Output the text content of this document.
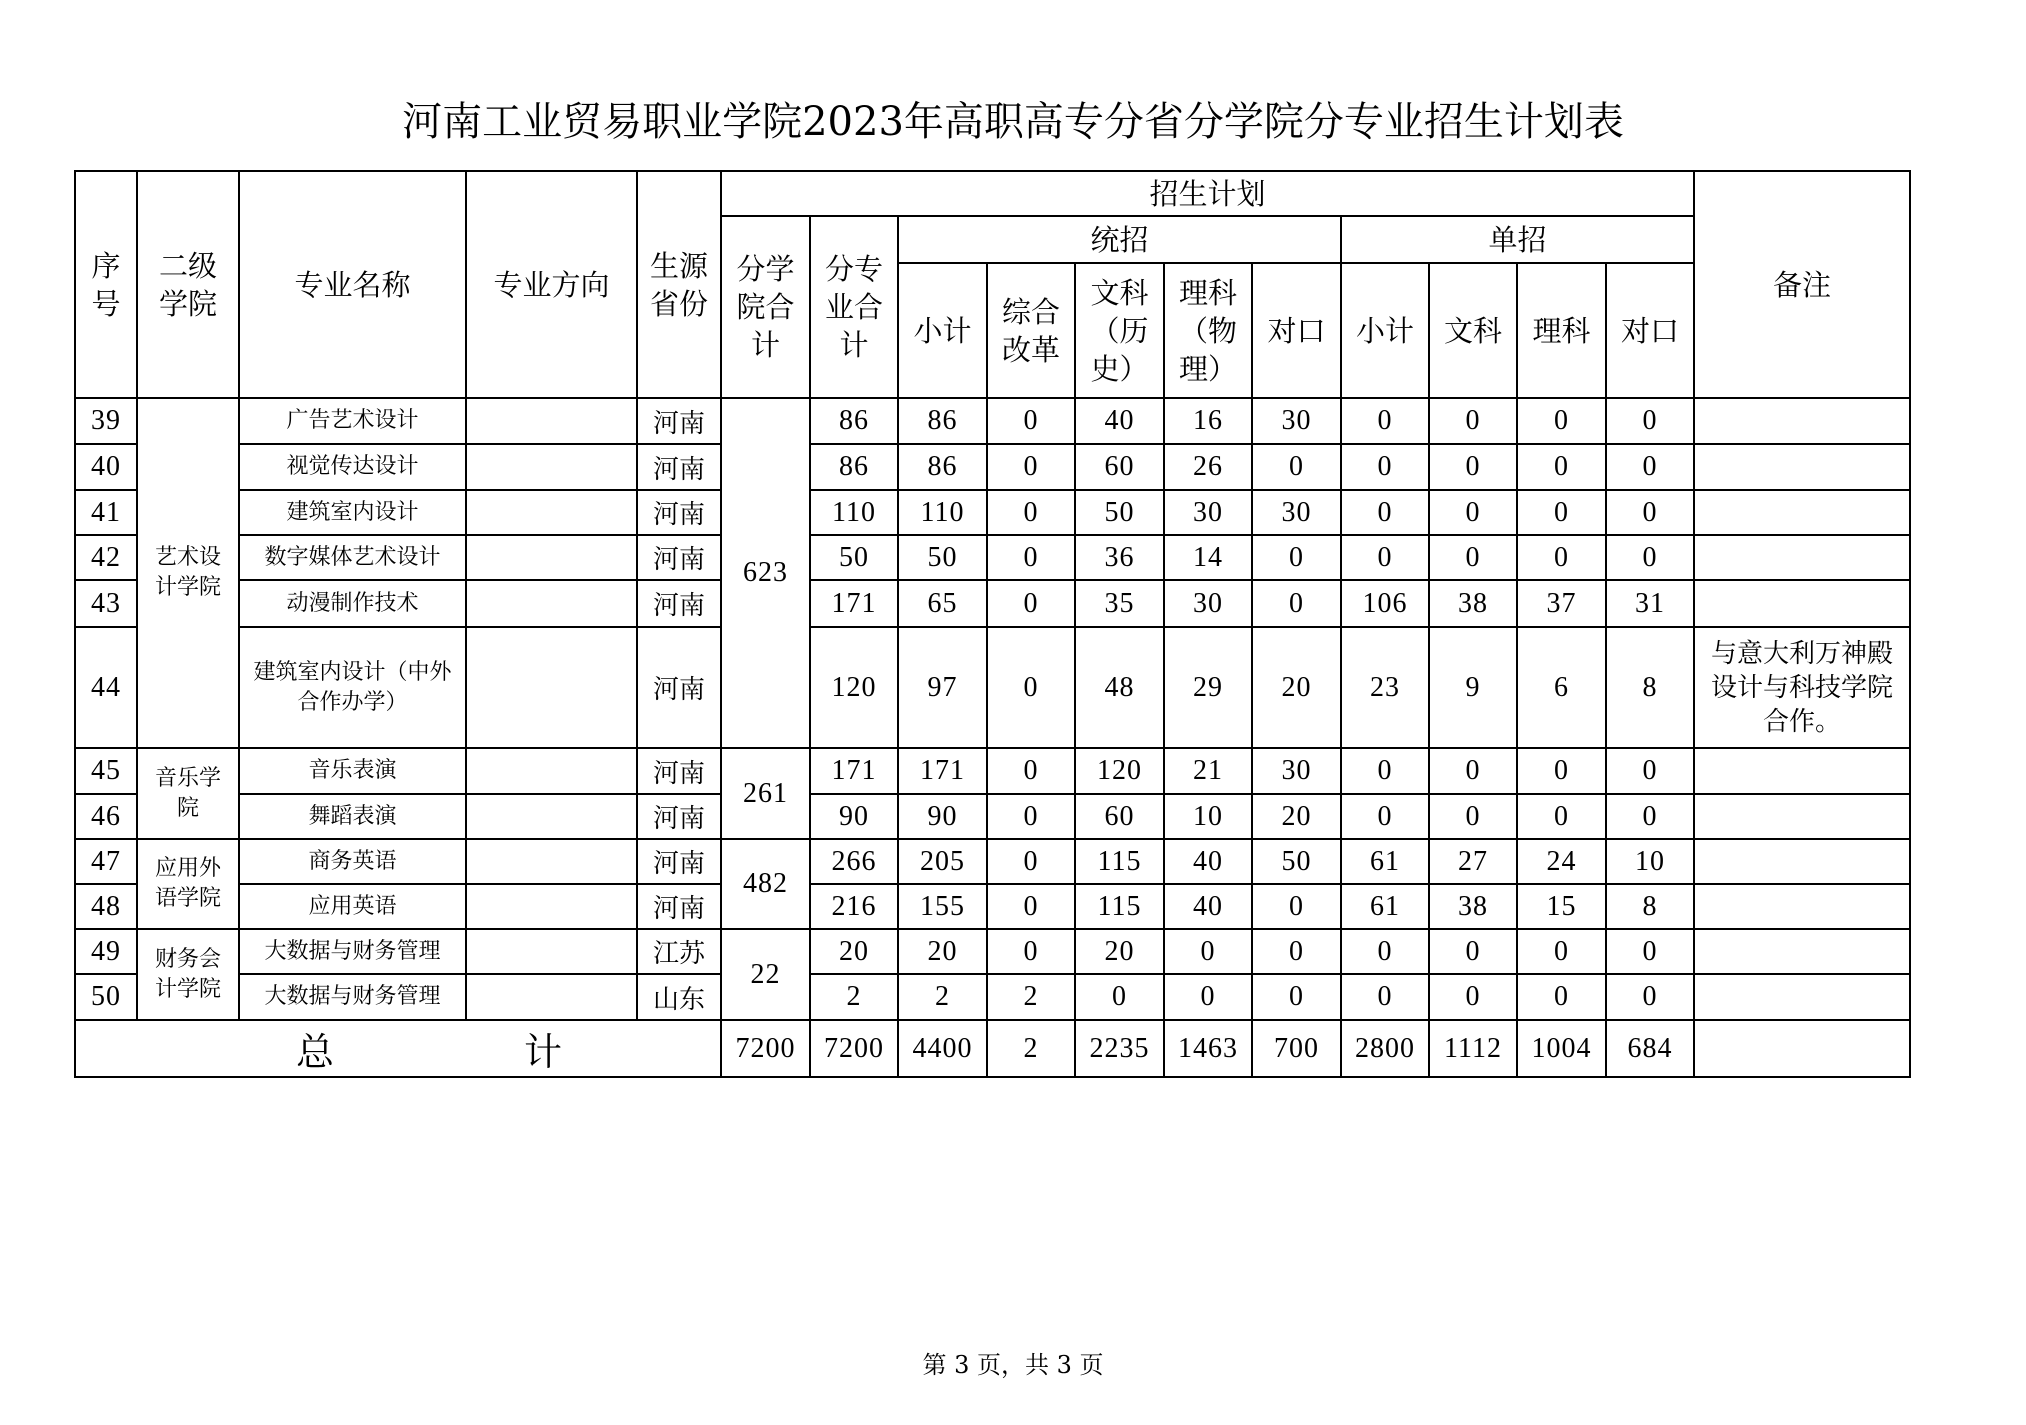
河南工业贸易职业学院2023年高职高专分省分学院分专业招生计划表
序号	二级学院	专业名称	专业方向	生源省份	招生计划											备注
					分学院合计	分专业合计	统招					单招				
							小计	综合改革	文科（历史）	理科（物理）	对口	小计	文科	理科	对口	
39	艺术设计学院	广告艺术设计		河南	623	86	86	0	40	16	30	0	0	0	0	
40		视觉传达设计		河南		86	86	0	60	26	0	0	0	0	0	
41		建筑室内设计		河南		110	110	0	50	30	30	0	0	0	0	
42		数字媒体艺术设计		河南		50	50	0	36	14	0	0	0	0	0	
43		动漫制作技术		河南		171	65	0	35	30	0	106	38	37	31	
44		建筑室内设计（中外合作办学）		河南		120	97	0	48	29	20	23	9	6	8	与意大利万神殿设计与科技学院合作。
45	音乐学院	音乐表演		河南	261	171	171	0	120	21	30	0	0	0	0	
46		舞蹈表演		河南		90	90	0	60	10	20	0	0	0	0	
47	应用外语学院	商务英语		河南	482	266	205	0	115	40	50	61	27	24	10	
48		应用英语		河南		216	155	0	115	40	0	61	38	15	8	
49	财务会计学院	大数据与财务管理		江苏	22	20	20	0	20	0	0	0	0	0	0	
50		大数据与财务管理		山东		2	2	2	0	0	0	0	0	0	0	
总　　　　　计					7200	7200	4400	2	2235	1463	700	2800	1112	1004	684	
第 3 页，共 3 页
